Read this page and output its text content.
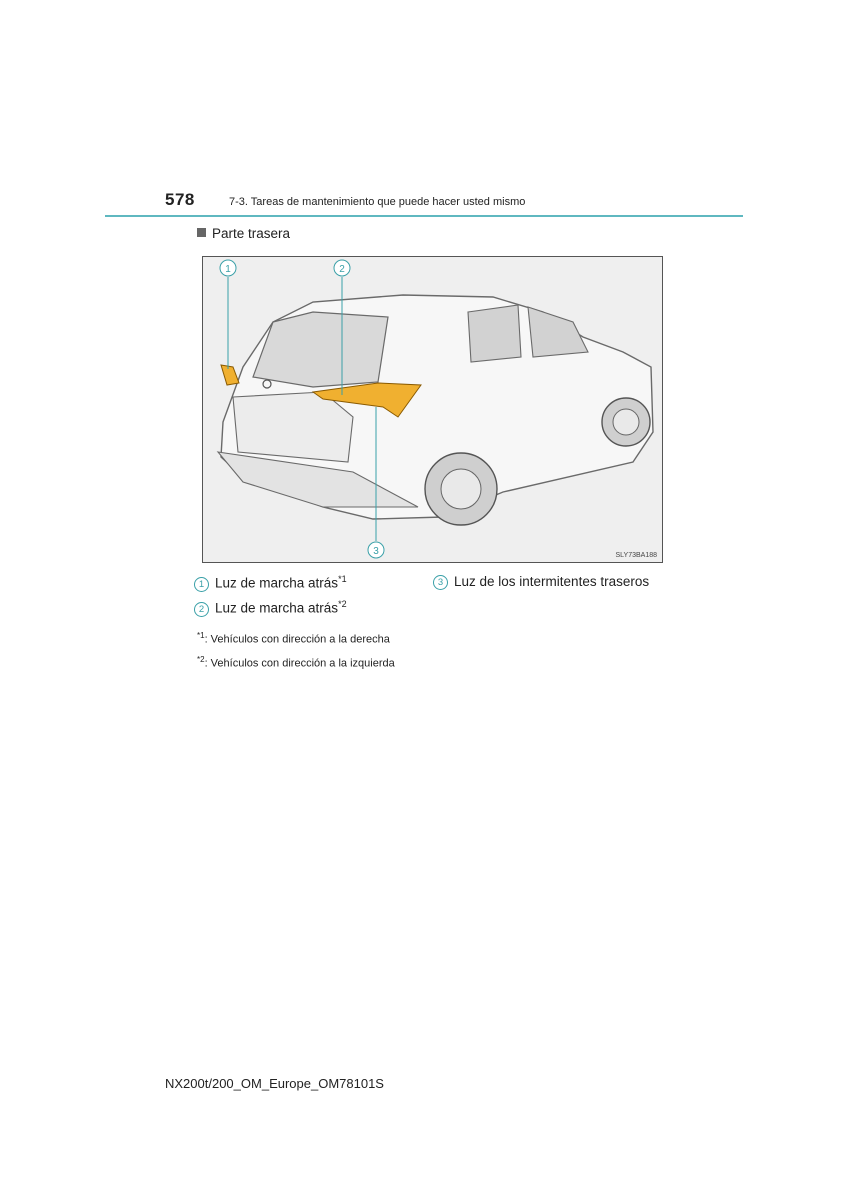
578	7-3. Tareas de mantenimiento que puede hacer usted mismo
Parte trasera
1	2
3	SLY73BA188
1 Luz de marcha atrás$^{*1}$
2 Luz de marcha atrás$^{*2}$
3 Luz de los intermitentes traseros
$^{*1}$: Vehículos con dirección a la derecha
$^{*2}$: Vehículos con dirección a la izquierda
NX200t/200_OM_Europe_OM78101S
